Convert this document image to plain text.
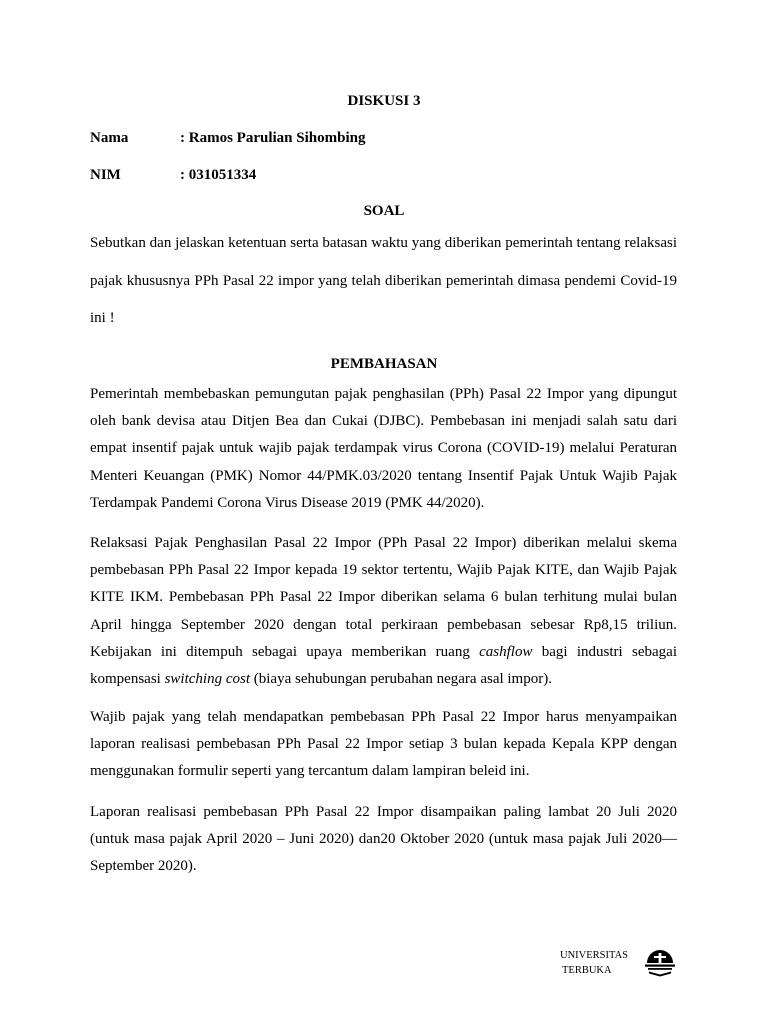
DISKUSI 3
Nama	: Ramos Parulian Sihombing
NIM	: 031051334
SOAL

Sebutkan dan jelaskan ketentuan serta batasan waktu yang diberikan pemerintah tentang relaksasi pajak khususnya PPh Pasal 22 impor yang telah diberikan pemerintah dimasa pendemi Covid-19 ini !

PEMBAHASAN

Pemerintah membebaskan pemungutan pajak penghasilan (PPh) Pasal 22 Impor yang dipungut oleh bank devisa atau Ditjen Bea dan Cukai (DJBC). Pembebasan ini menjadi salah satu dari empat insentif pajak untuk wajib pajak terdampak virus Corona (COVID-19) melalui Peraturan Menteri Keuangan (PMK) Nomor 44/PMK.03/2020 tentang Insentif Pajak Untuk Wajib Pajak Terdampak Pandemi Corona Virus Disease 2019 (PMK 44/2020).

Relaksasi Pajak Penghasilan Pasal 22 Impor (PPh Pasal 22 Impor) diberikan melalui skema pembebasan PPh Pasal 22 Impor kepada 19 sektor tertentu, Wajib Pajak KITE, dan Wajib Pajak KITE IKM. Pembebasan PPh Pasal 22 Impor diberikan selama 6 bulan terhitung mulai bulan April hingga September 2020 dengan total perkiraan pembebasan sebesar Rp8,15 triliun. Kebijakan ini ditempuh sebagai upaya memberikan ruang cashflow bagi industri sebagai kompensasi switching cost (biaya sehubungan perubahan negara asal impor).

Wajib pajak yang telah mendapatkan pembebasan PPh Pasal 22 Impor harus menyampaikan laporan realisasi pembebasan PPh Pasal 22 Impor setiap 3 bulan kepada Kepala KPP dengan menggunakan formulir seperti yang tercantum dalam lampiran beleid ini.

Laporan realisasi pembebasan PPh Pasal 22 Impor disampaikan paling lambat 20 Juli 2020 (untuk masa pajak April 2020 – Juni 2020) dan20 Oktober 2020 (untuk masa pajak Juli 2020—September 2020).

UNIVERSITAS
TERBUKA
